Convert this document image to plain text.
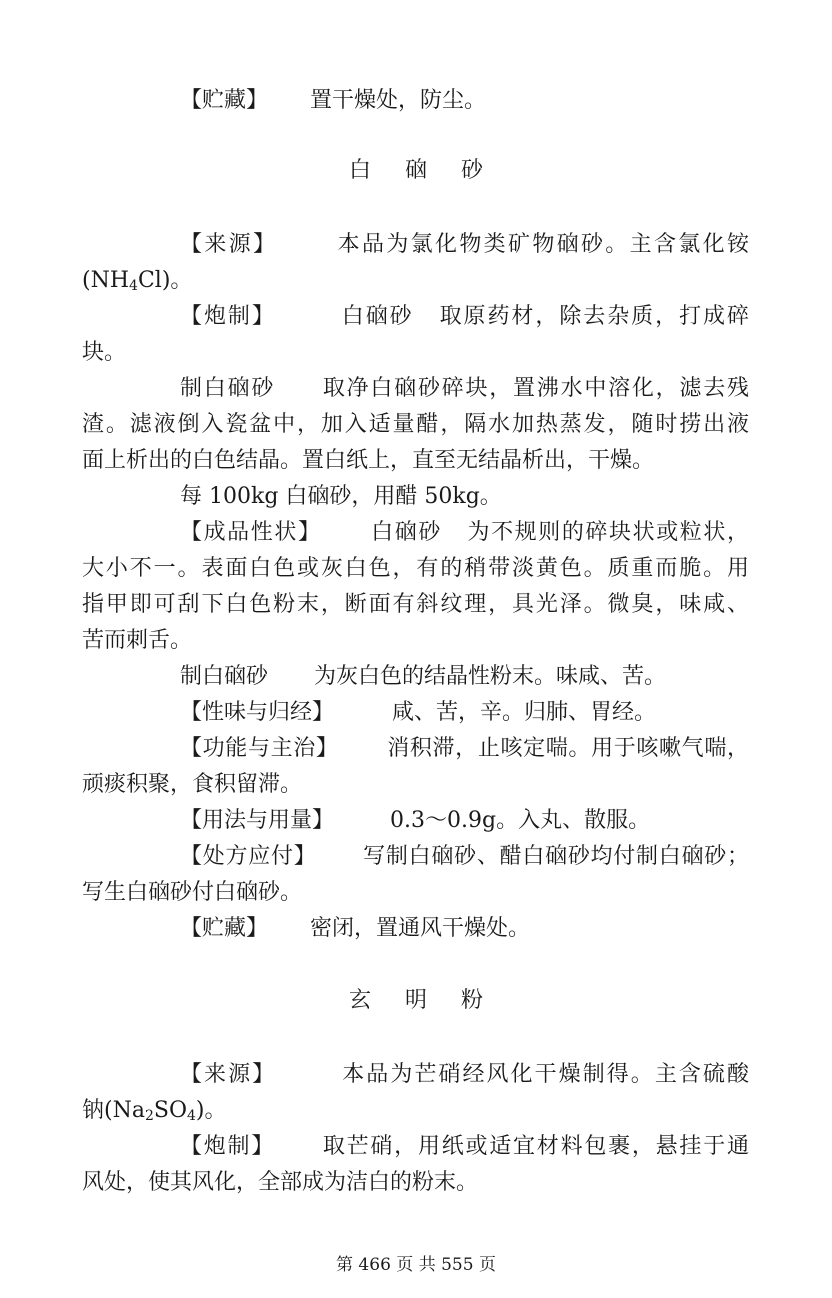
【贮藏】 置干燥处，防尘。
白 硇 砂
【来源】	本品为氯化物类矿物硇砂。主含氯化铵
$(NH_4Cl)$。
【炮制】	白硇砂 取原药材，除去杂质，打成碎
块。
制白硇砂 取净白硇砂碎块，置沸水中溶化，滤去残
渣。滤液倒入瓷盆中，加入适量醋，隔水加热蒸发，随时捞出液
面上析出的白色结晶。置白纸上，直至无结晶析出，干燥。
每 100kg 白硇砂，用醋 50kg。
【成品性状】 白硇砂 为不规则的碎块状或粒状，
大小不一。表面白色或灰白色，有的稍带淡黄色。质重而脆。用
指甲即可刮下白色粉末，断面有斜纹理，具光泽。微臭，味咸、
苦而刺舌。
制白硇砂 为灰白色的结晶性粉末。味咸、苦。
【性味与归经】	咸、苦，辛。归肺、胃经。
【功能与主治】 消积滞，止咳定喘。用于咳嗽气喘，
顽痰积聚，食积留滞。
【用法与用量】	0.3～0.9g。入丸、散服。
【处方应付】 写制白硇砂、醋白硇砂均付制白硇砂；
写生白硇砂付白硇砂。
【贮藏】 密闭，置通风干燥处。
玄 明 粉
【来源】	本品为芒硝经风化干燥制得。主含硫酸
钠$(Na_2SO_4)$。
【炮制】 取芒硝，用纸或适宜材料包裹，悬挂于通
风处，使其风化，全部成为洁白的粉末。
第 466 页 共 555 页
